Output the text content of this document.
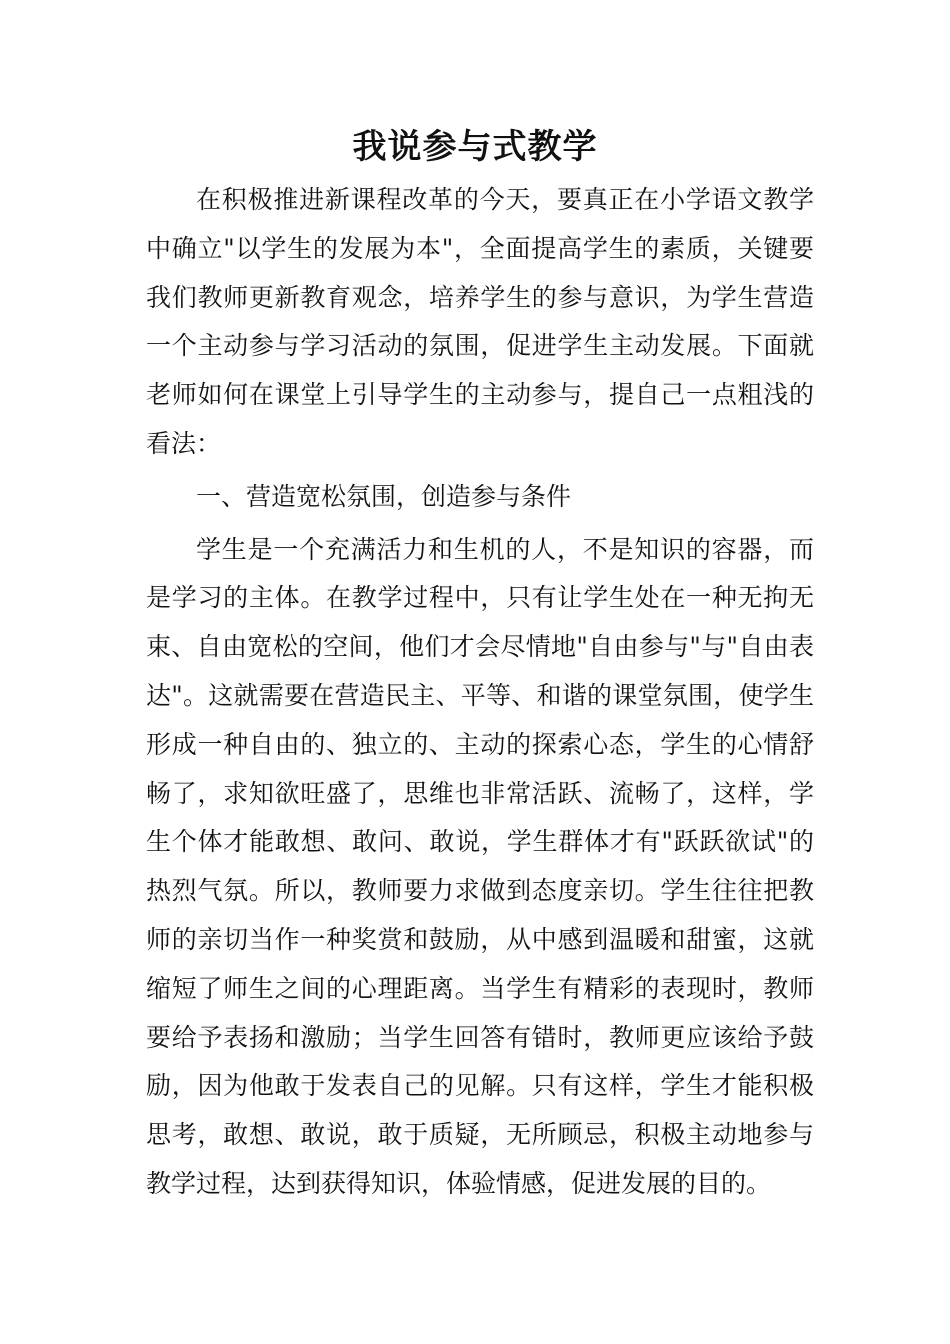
我说参与式教学

在积极推进新课程改革的今天，要真正在小学语文教学中确立"以学生的发展为本"，全面提高学生的素质，关键要我们教师更新教育观念，培养学生的参与意识，为学生营造一个主动参与学习活动的氛围，促进学生主动发展。下面就老师如何在课堂上引导学生的主动参与，提自己一点粗浅的看法：

一、营造宽松氛围，创造参与条件

学生是一个充满活力和生机的人，不是知识的容器，而是学习的主体。在教学过程中，只有让学生处在一种无拘无束、自由宽松的空间，他们才会尽情地"自由参与"与"自由表达"。这就需要在营造民主、平等、和谐的课堂氛围，使学生形成一种自由的、独立的、主动的探索心态，学生的心情舒畅了，求知欲旺盛了，思维也非常活跃、流畅了，这样，学生个体才能敢想、敢问、敢说，学生群体才有"跃跃欲试"的热烈气氛。所以，教师要力求做到态度亲切。学生往往把教师的亲切当作一种奖赏和鼓励，从中感到温暖和甜蜜，这就缩短了师生之间的心理距离。当学生有精彩的表现时，教师要给予表扬和激励；当学生回答有错时，教师更应该给予鼓励，因为他敢于发表自己的见解。只有这样，学生才能积极思考，敢想、敢说，敢于质疑，无所顾忌，积极主动地参与教学过程，达到获得知识，体验情感，促进发展的目的。
